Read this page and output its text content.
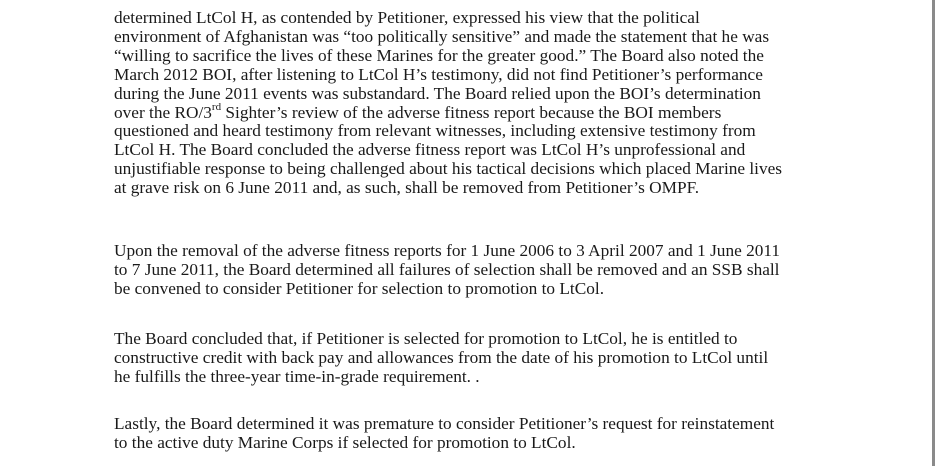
determined LtCol H, as contended by Petitioner, expressed his view that the political
environment of Afghanistan was “too politically sensitive” and made the statement that he was
“willing to sacrifice the lives of these Marines for the greater good.” The Board also noted the
March 2012 BOI, after listening to LtCol H’s testimony, did not find Petitioner’s performance
during the June 2011 events was substandard. The Board relied upon the BOI’s determination
over the RO/3rd Sighter’s review of the adverse fitness report because the BOI members
questioned and heard testimony from relevant witnesses, including extensive testimony from
LtCol H. The Board concluded the adverse fitness report was LtCol H’s unprofessional and
unjustifiable response to being challenged about his tactical decisions which placed Marine lives
at grave risk on 6 June 2011 and, as such, shall be removed from Petitioner’s OMPF.
Upon the removal of the adverse fitness reports for 1 June 2006 to 3 April 2007 and 1 June 2011
to 7 June 2011, the Board determined all failures of selection shall be removed and an SSB shall
be convened to consider Petitioner for selection to promotion to LtCol.
The Board concluded that, if Petitioner is selected for promotion to LtCol, he is entitled to
constructive credit with back pay and allowances from the date of his promotion to LtCol until
he fulfills the three-year time-in-grade requirement. .
Lastly, the Board determined it was premature to consider Petitioner’s request for reinstatement
to the active duty Marine Corps if selected for promotion to LtCol.
